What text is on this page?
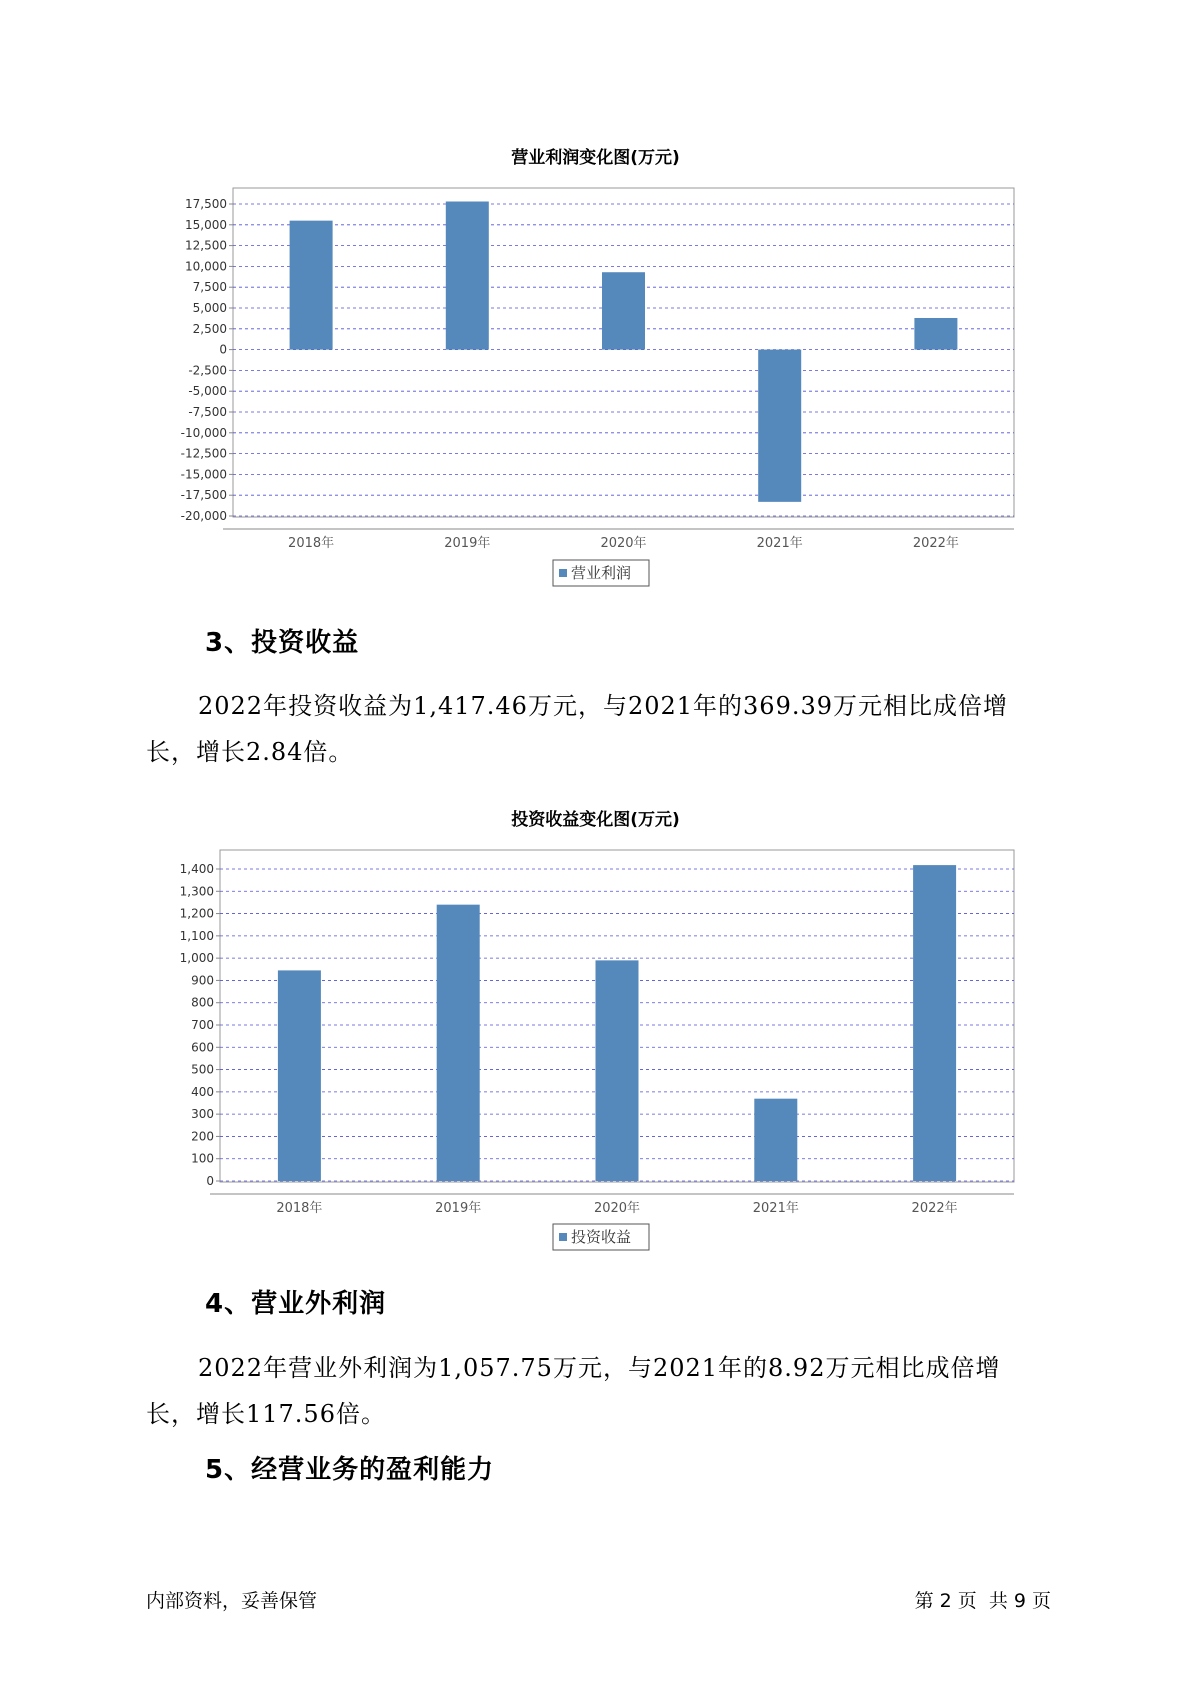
营业利润变化图(万元)
17,500
15,000
12,500
10,000
7,500
5,000
2,500
0
-2,500
-5,000
-7,500
-10,000
-12,500
-15,000
-17,500
-20,000
2018年	2019年	2020年	2021年	2022年
营业利润
3、投资收益
2022年投资收益为1,417.46万元，与2021年的369.39万元相比成倍增长，增长2.84倍。
投资收益变化图(万元)
1,400
1,300
1,200
1,100
1,000
900
800
700
600
500
400
300
200
100
0
2018年	2019年	2020年	2021年	2022年
投资收益
4、营业外利润
2022年营业外利润为1,057.75万元，与2021年的8.92万元相比成倍增长，增长117.56倍。
5、经营业务的盈利能力
内部资料，妥善保管	第 2 页  共 9 页
